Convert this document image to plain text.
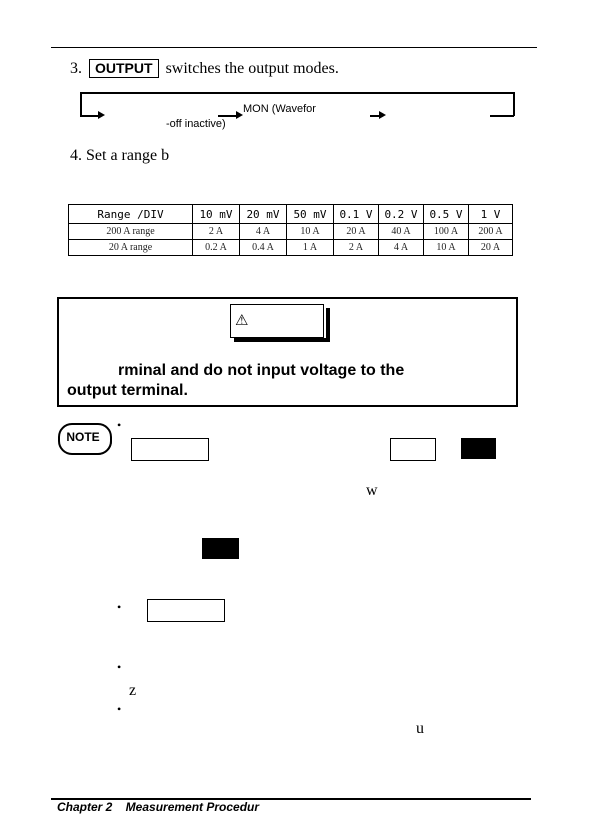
3. OUTPUT switches the output modes.
MON (Wavefor
-off inactive)
4. Set a range b
Range /DIV	10 mV	20 mV	50 mV	0.1 V	0.2 V	0.5 V	1 V
200 A range	2 A	4 A	10 A	20 A	40 A	100 A	200 A
20 A range	0.2 A	0.4 A	1 A	2 A	4 A	10 A	20 A
⚠
rminal and do not input voltage to the
output terminal.
NOTE
•
w
•
•
z
•
u
Chapter 2    Measurement Procedur
